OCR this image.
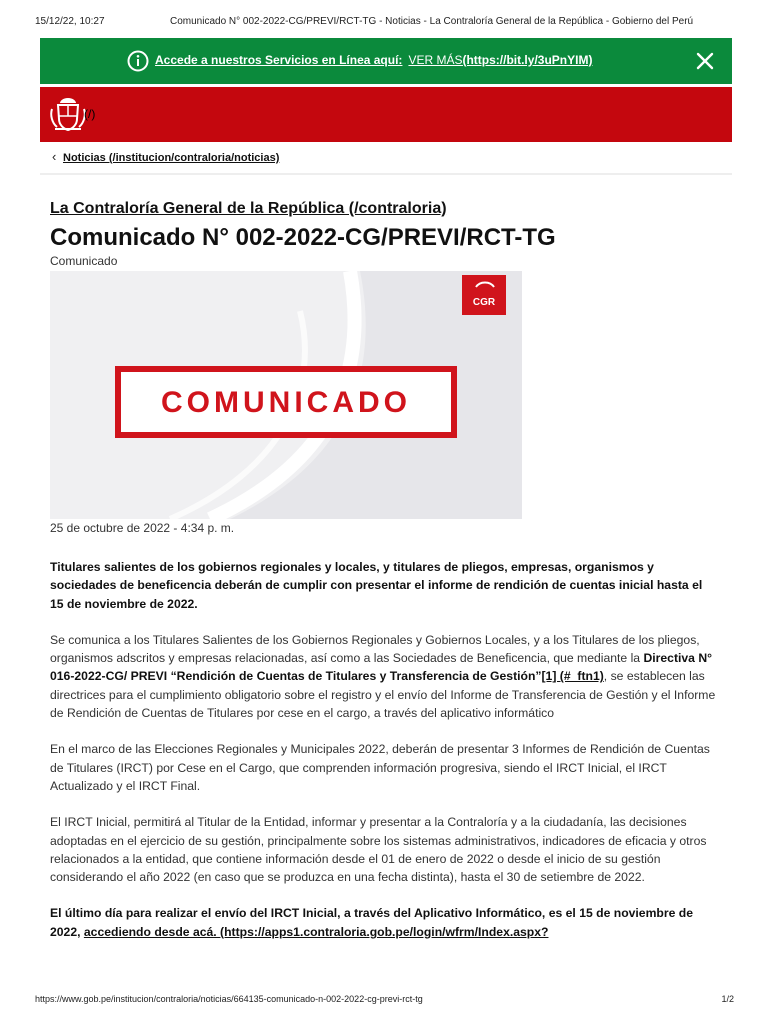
15/12/22, 10:27	Comunicado N° 002-2022-CG/PREVI/RCT-TG - Noticias - La Contraloría General de la República - Gobierno del Perú
Accede a nuestros Servicios en Línea aquí: VER MÁS(https://bit.ly/3uPnYIM)
(/)
‹ Noticias (/institucion/contraloria/noticias)
La Contraloría General de la República (/contraloria)
Comunicado N° 002-2022-CG/PREVI/RCT-TG
Comunicado
CGR
COMUNICADO
25 de octubre de 2022 - 4:34 p. m.

Titulares salientes de los gobiernos regionales y locales, y titulares de pliegos, empresas, organismos y sociedades de beneficencia deberán de cumplir con presentar el informe de rendición de cuentas inicial hasta el 15 de noviembre de 2022.

Se comunica a los Titulares Salientes de los Gobiernos Regionales y Gobiernos Locales, y a los Titulares de los pliegos, organismos adscritos y empresas relacionadas, así como a las Sociedades de Beneficencia, que mediante la Directiva N° 016-2022-CG/ PREVI “Rendición de Cuentas de Titulares y Transferencia de Gestión”[1] (#_ftn1), se establecen las directrices para el cumplimiento obligatorio sobre el registro y el envío del Informe de Transferencia de Gestión y el Informe de Rendición de Cuentas de Titulares por cese en el cargo, a través del aplicativo informático

En el marco de las Elecciones Regionales y Municipales 2022, deberán de presentar 3 Informes de Rendición de Cuentas de Titulares (IRCT) por Cese en el Cargo, que comprenden información progresiva, siendo el IRCT Inicial, el IRCT Actualizado y el IRCT Final.

El IRCT Inicial, permitirá al Titular de la Entidad, informar y presentar a la Contraloría y a la ciudadanía, las decisiones adoptadas en el ejercicio de su gestión, principalmente sobre los sistemas administrativos, indicadores de eficacia y otros relacionados a la entidad, que contiene información desde el 01 de enero de 2022 o desde el inicio de su gestión considerando el año 2022 (en caso que se produzca en una fecha distinta), hasta el 30 de setiembre de 2022.

El último día para realizar el envío del IRCT Inicial, a través del Aplicativo Informático, es el 15 de noviembre de 2022, accediendo desde acá. (https://apps1.contraloria.gob.pe/login/wfrm/Index.aspx?

https://www.gob.pe/institucion/contraloria/noticias/664135-comunicado-n-002-2022-cg-previ-rct-tg	1/2
